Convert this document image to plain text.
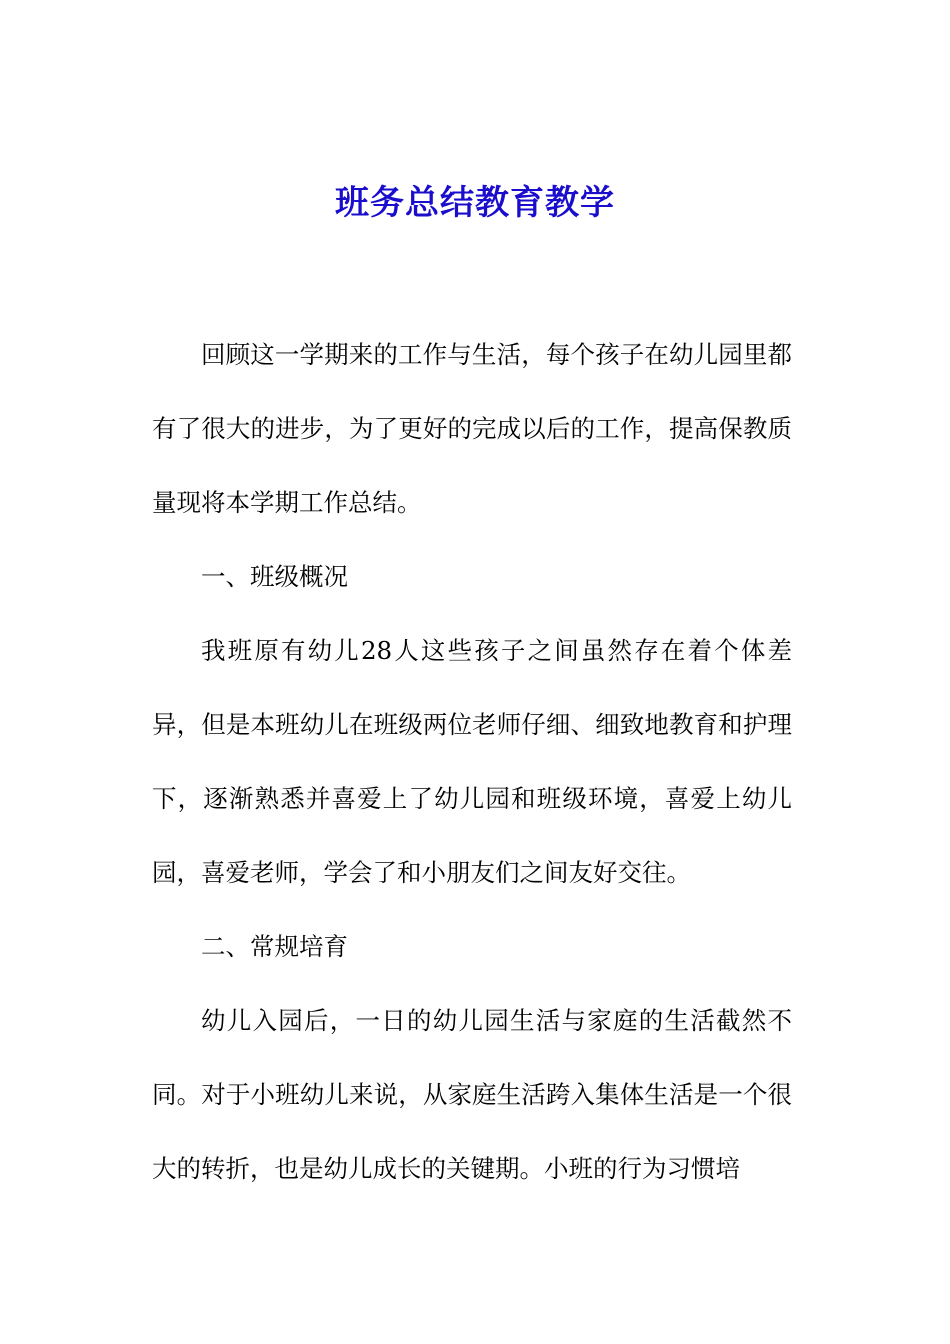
班务总结教育教学

回顾这一学期来的工作与生活，每个孩子在幼儿园里都有了很大的进步，为了更好的完成以后的工作，提高保教质量现将本学期工作总结。

一、班级概况

我班原有幼儿28人这些孩子之间虽然存在着个体差异，但是本班幼儿在班级两位老师仔细、细致地教育和护理下，逐渐熟悉并喜爱上了幼儿园和班级环境，喜爱上幼儿园，喜爱老师，学会了和小朋友们之间友好交往。

二、常规培育

幼儿入园后，一日的幼儿园生活与家庭的生活截然不同。对于小班幼儿来说，从家庭生活跨入集体生活是一个很大的转折，也是幼儿成长的关键期。小班的行为习惯培
